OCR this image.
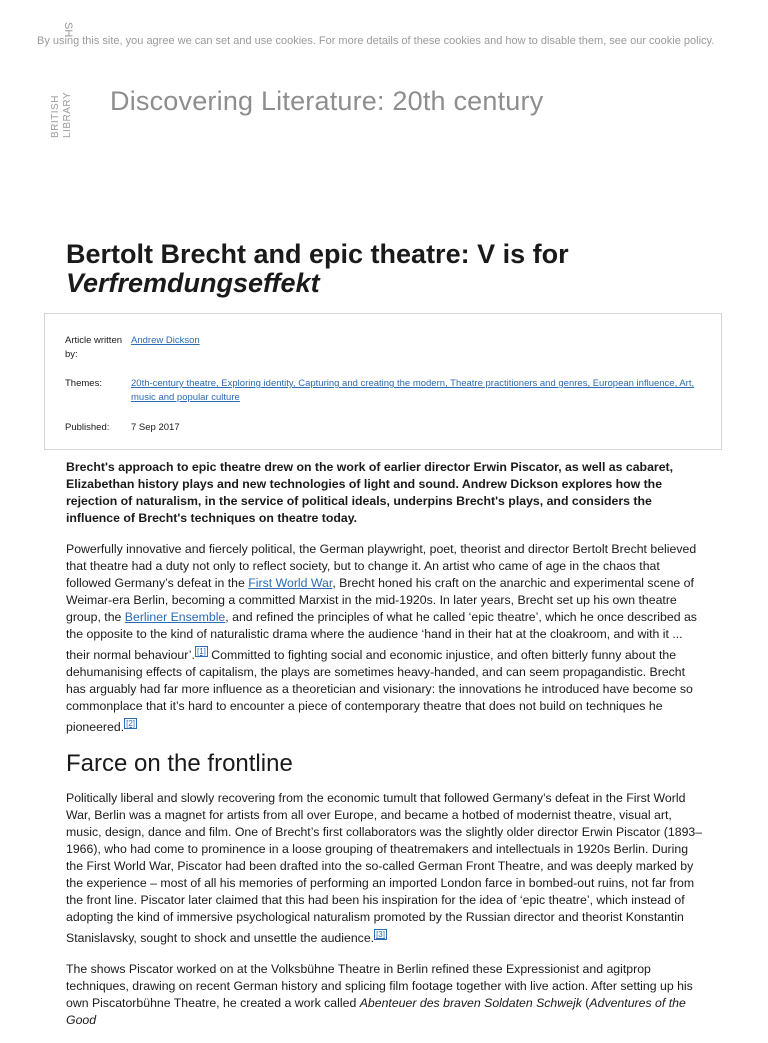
By using this site, you agree we can set and use cookies. For more details of these cookies and how to disable them, see our cookie policy.
SH
BRITISH LIBRARY Discovering Literature: 20th century
Bertolt Brecht and epic theatre: V is for
Verfremdungseffekt
Article written by:
Andrew Dickson
Themes:	20th-century theatre, Exploring identity, Capturing and creating the modern, Theatre practitioners and genres, European influence, Art, music and popular culture
Published:	7 Sep 2017

Brecht's approach to epic theatre drew on the work of earlier director Erwin Piscator, as well as cabaret, Elizabethan history plays and new technologies of light and sound. Andrew Dickson explores how the rejection of naturalism, in the service of political ideals, underpins Brecht's plays, and considers the influence of Brecht's techniques on theatre today.

Powerfully innovative and fiercely political, the German playwright, poet, theorist and director Bertolt Brecht believed that theatre had a duty not only to reflect society, but to change it. An artist who came of age in the chaos that followed Germany’s defeat in the First World War, Brecht honed his craft on the anarchic and experimental scene of Weimar-era Berlin, becoming a committed Marxist in the mid-1920s. In later years, Brecht set up his own theatre group, the Berliner Ensemble, and refined the principles of what he called ‘epic theatre’, which he once described as the opposite to the kind of naturalistic drama where the audience ‘hand in their hat at the cloakroom, and with it ... their normal behaviour’. [1] Committed to fighting social and economic injustice, and often bitterly funny about the dehumanising effects of capitalism, the plays are sometimes heavy-handed, and can seem propagandistic. Brecht has arguably had far more influence as a theoretician and visionary: the innovations he introduced have become so commonplace that it’s hard to encounter a piece of contemporary theatre that does not build on techniques he pioneered. [2]

Farce on the frontline

Politically liberal and slowly recovering from the economic tumult that followed Germany’s defeat in the First World War, Berlin was a magnet for artists from all over Europe, and became a hotbed of modernist theatre, visual art, music, design, dance and film. One of Brecht’s first collaborators was the slightly older director Erwin Piscator (1893–1966), who had come to prominence in a loose grouping of theatremakers and intellectuals in 1920s Berlin. During the First World War, Piscator had been drafted into the so-called German Front Theatre, and was deeply marked by the experience – most of all his memories of performing an imported London farce in bombed-out ruins, not far from the front line. Piscator later claimed that this had been his inspiration for the idea of ‘epic theatre’, which instead of adopting the kind of immersive psychological naturalism promoted by the Russian director and theorist Konstantin Stanislavsky, sought to shock and unsettle the audience. [3]

The shows Piscator worked on at the Volksbühne Theatre in Berlin refined these Expressionist and agitprop techniques, drawing on recent German history and splicing film footage together with live action. After setting up his own Piscatorbühne Theatre, he created a work called Abenteuer des braven Soldaten Schwejk (Adventures of the Good
